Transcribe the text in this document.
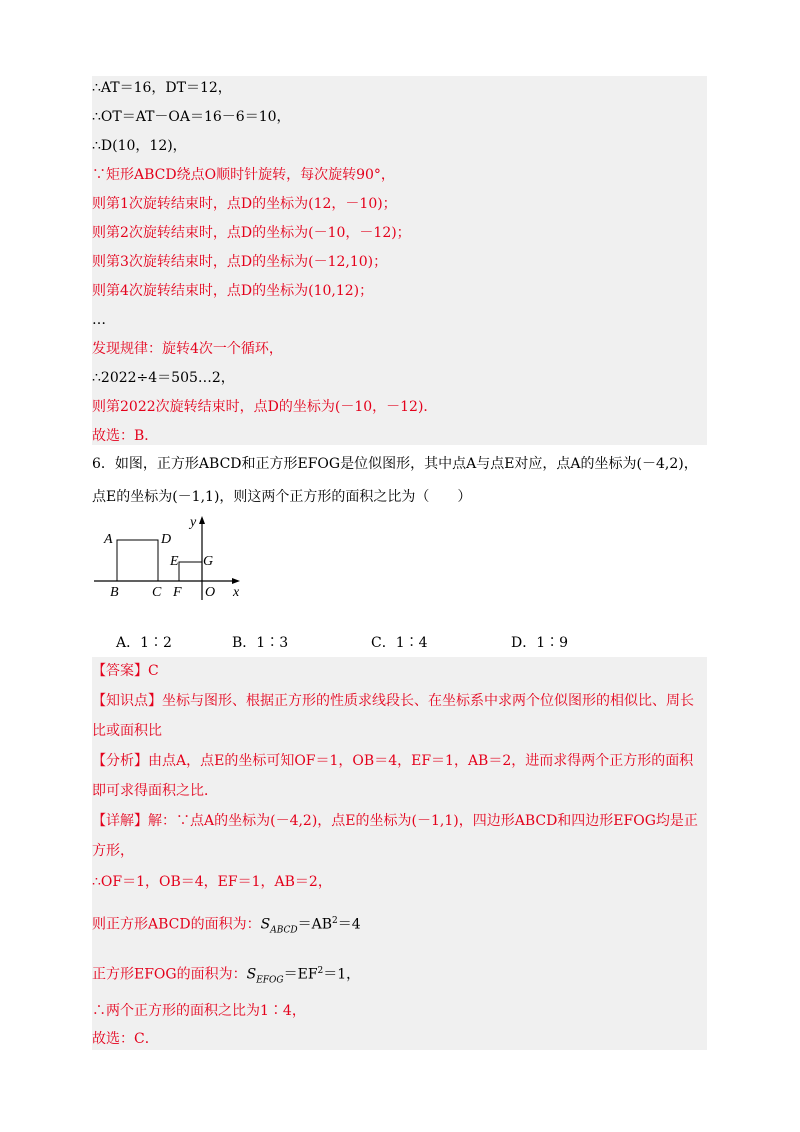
∴AT＝16，DT＝12，
∴OT＝AT－OA＝16－6＝10，
∴D(10，12)，
∵矩形ABCD绕点O顺时针旋转，每次旋转90°，
则第1次旋转结束时，点D的坐标为(12，－10)；
则第2次旋转结束时，点D的坐标为(－10，－12)；
则第3次旋转结束时，点D的坐标为(－12,10)；
则第4次旋转结束时，点D的坐标为(10,12)；
…
发现规律：旋转4次一个循环，
∴2022÷4＝505…2，
则第2022次旋转结束时，点D的坐标为(－10，－12)．
故选：B．
6．如图，正方形ABCD和正方形EFOG是位似图形，其中点A与点E对应，点A的坐标为(－4,2)，
点E的坐标为(－1,1)，则这两个正方形的面积之比为（　　）
A	D
B C
E
F
G
O x
y
A．1∶2	B．1∶3	C．1∶4	D．1∶9
【答案】C
【知识点】坐标与图形、根据正方形的性质求线段长、在坐标系中求两个位似图形的相似比、周长
比或面积比
【分析】由点A，点E的坐标可知OF＝1，OB＝4，EF＝1，AB＝2，进而求得两个正方形的面积
即可求得面积之比．
【详解】解：∵点A的坐标为(－4,2)，点E的坐标为(－1,1)，四边形ABCD和四边形EFOG均是正
方形，
∴OF＝1，OB＝4，EF＝1，AB＝2，
则正方形ABCD的面积为：$S_{ABCD}=AB^2=4$
正方形EFOG的面积为：$S_{EFOG}=EF^2=1$，
∴两个正方形的面积之比为1∶4，
故选：C．
